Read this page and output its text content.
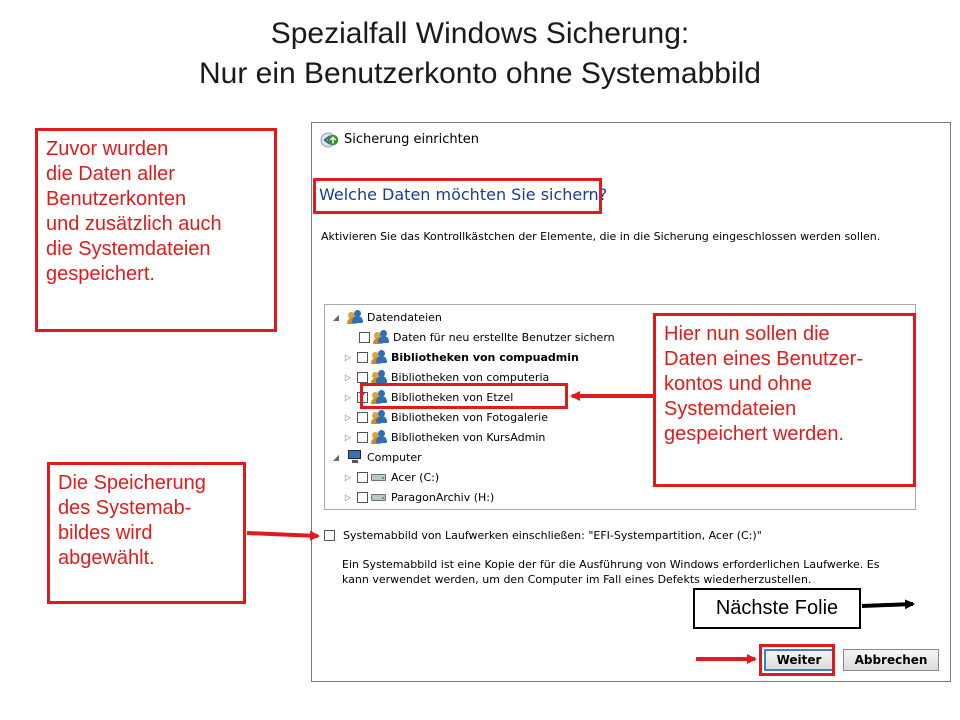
Spezialfall Windows Sicherung:
Nur ein Benutzerkonto ohne Systemabbild
Zuvor wurden
die Daten aller
Benutzerkonten
und zusätzlich auch
die Systemdateien
gespeichert.
Die Speicherung
des Systemab-
bildes wird
abgewählt.
Sicherung einrichten
Welche Daten möchten Sie sichern?
Aktivieren Sie das Kontrollkästchen der Elemente, die in die Sicherung eingeschlossen werden sollen.
◢	Datendateien
Daten für neu erstellte Benutzer sichern
▷	Bibliotheken von compuadmin
▷	Bibliotheken von computeria
▷ ✓ Bibliotheken von Etzel
▷	Bibliotheken von Fotogalerie
▷	Bibliotheken von KursAdmin
◢	Computer
▷	Acer (C:)
▷	ParagonArchiv (H:)
Systemabbild von Laufwerken einschließen: "EFI-Systempartition, Acer (C:)"
Ein Systemabbild ist eine Kopie der für die Ausführung von Windows erforderlichen Laufwerke. Es
kann verwendet werden, um den Computer im Fall eines Defekts wiederherzustellen.
Weiter	Abbrechen
Hier nun sollen die
Daten eines Benutzer-
kontos und ohne
Systemdateien
gespeichert werden.
Nächste Folie
